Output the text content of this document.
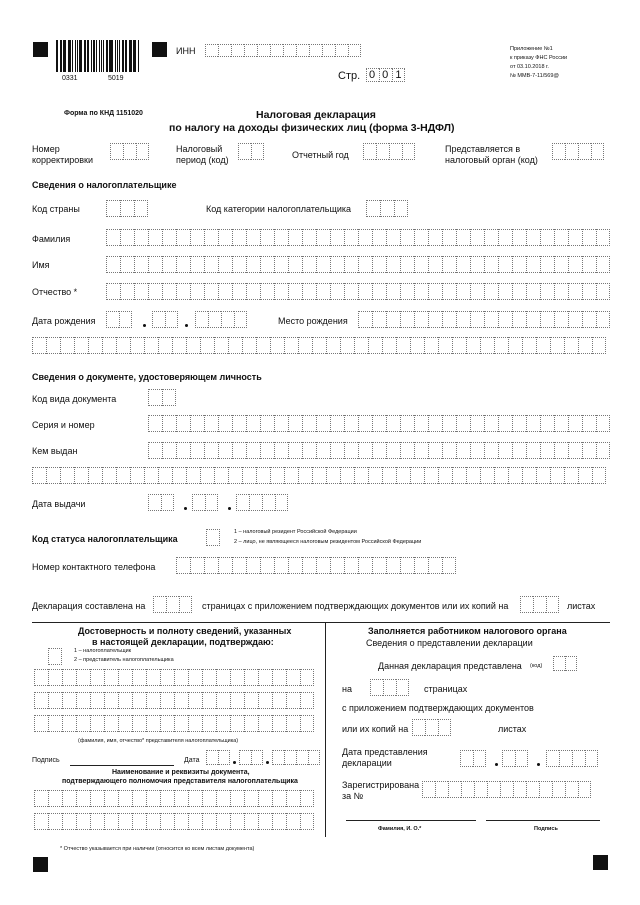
0331	5019
ИНН
Стр. 0 0 1
Приложение №1
к приказу ФНС России
от 03.10.2018 г.
№ ММВ-7-11/569@
Форма по КНД 1151020	Налоговая декларация
по налогу на доходы физических лиц (форма 3-НДФЛ)
Номер
корректировки
Налоговый
период (код)	Отчетный год
Представляется в
налоговый орган (код)
Сведения о налогоплательщике
Код страны	Код категории налогоплательщика
Фамилия
Имя
Отчество *
Дата рождения	Место рождения
Сведения о документе, удостоверяющем личность
Код вида документа
Серия и номер
Кем выдан
Дата выдачи
Код статуса налогоплательщика
1 – налоговый резидент Российской Федерации
2 – лицо, не являющееся налоговым резидентом Российской Федерации
Номер контактного телефона
Декларация составлена на	страницах с приложением подтверждающих документов или их копий на	листах
Достоверность и полноту сведений, указанных
в настоящей декларации, подтверждаю:
1 – налогоплательщик
2 – представитель налогоплательщика
(фамилия, имя, отчество* представителя налогоплательщика)
Подпись	Дата
Наименование и реквизиты документа,
подтверждающего полномочия представителя налогоплательщика
Заполняется работником налогового органа
Сведения о представлении декларации
Данная декларация представлена (код)
на	страницах
с приложением подтверждающих документов
или их копий на	листах
Дата представления
декларации
Зарегистрирована
за №
Фамилия, И. О.*	Подпись
* Отчество указывается при наличии (относится ко всем листам документа)
